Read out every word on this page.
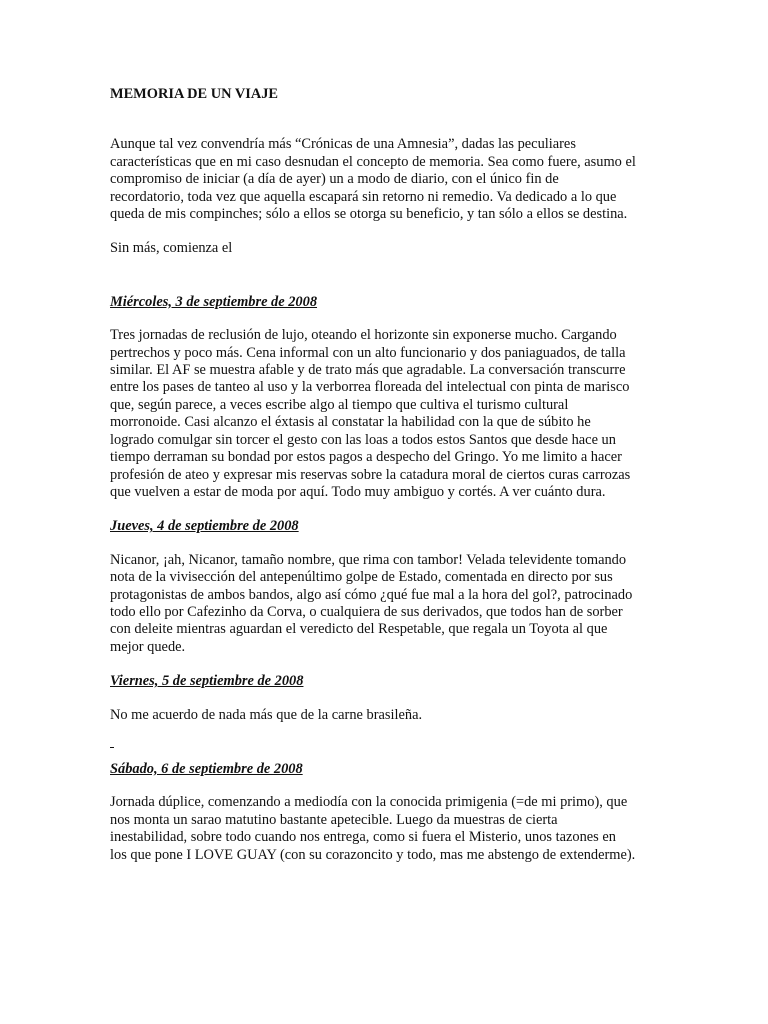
MEMORIA DE UN VIAJE

Aunque tal vez convendría más “Crónicas de una Amnesia”, dadas las peculiares características que en mi caso desnudan el concepto de memoria. Sea como fuere, asumo el compromiso de iniciar (a día de ayer) un a modo de diario, con el único fin de recordatorio, toda vez que aquella escapará sin retorno ni remedio. Va dedicado a lo que queda de mis compinches; sólo a ellos se otorga su beneficio, y tan sólo a ellos se destina.

Sin más, comienza el

Miércoles, 3 de septiembre de 2008

Tres jornadas de reclusión de lujo, oteando el horizonte sin exponerse mucho. Cargando pertrechos y poco más. Cena informal con un alto funcionario y dos paniaguados, de talla similar. El AF se muestra afable y de trato más que agradable. La conversación transcurre entre los pases de tanteo al uso y la verborrea floreada del intelectual con pinta de marisco que, según parece, a veces escribe algo al tiempo que cultiva el turismo cultural morronoide. Casi alcanzo el éxtasis al constatar la habilidad con la que de súbito he logrado comulgar sin torcer el gesto con las loas a todos estos Santos que desde hace un tiempo derraman su bondad por estos pagos a despecho del Gringo. Yo me limito a hacer profesión de ateo y expresar mis reservas sobre la catadura moral de ciertos curas carrozas que vuelven a estar de moda por aquí. Todo muy ambiguo y cortés. A ver cuánto dura.

Jueves, 4 de septiembre de 2008

Nicanor, ¡ah, Nicanor, tamaño nombre, que rima con tambor! Velada televidente tomando nota de la vivisección del antepenúltimo golpe de Estado, comentada en directo por sus protagonistas de ambos bandos, algo así cómo ¿qué fue mal a la hora del gol?, patrocinado todo ello por Cafezinho da Corva, o cualquiera de sus derivados, que todos han de sorber con deleite mientras aguardan el veredicto del Respetable, que regala un Toyota al que mejor quede.

Viernes, 5 de septiembre de 2008

No me acuerdo de nada más que de la carne brasileña.

Sábado, 6 de septiembre de 2008

Jornada dúplice, comenzando a mediodía con la conocida primigenia (=de mi primo), que nos monta un sarao matutino bastante apetecible. Luego da muestras de cierta inestabilidad, sobre todo cuando nos entrega, como si fuera el Misterio, unos tazones en los que pone I LOVE GUAY (con su corazoncito y todo, mas me abstengo de extenderme).
